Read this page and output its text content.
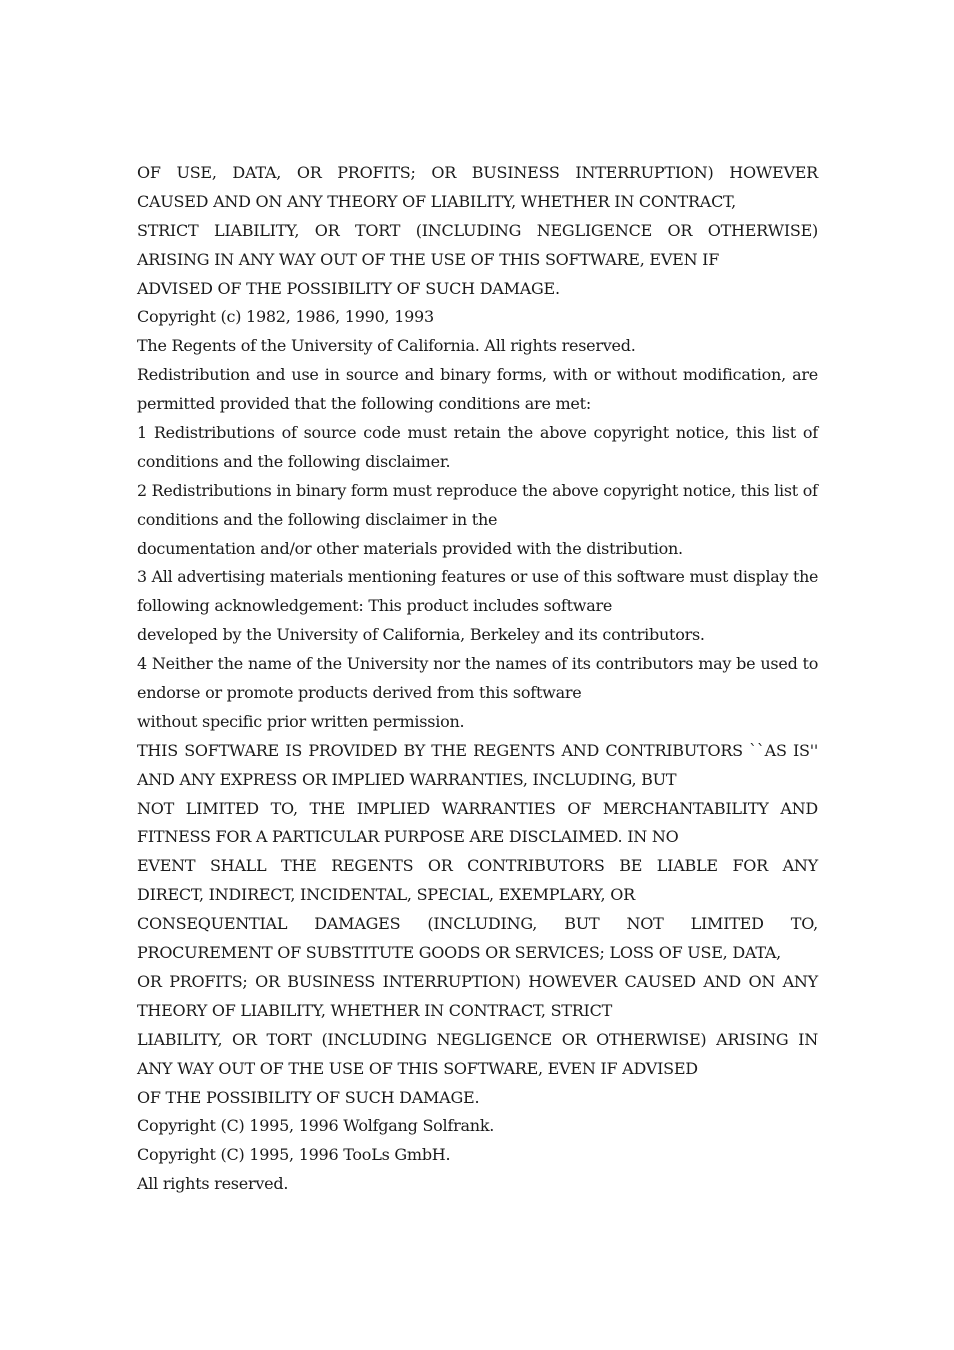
OF USE, DATA, OR PROFITS; OR BUSINESS INTERRUPTION) HOWEVER
CAUSED AND ON ANY THEORY OF LIABILITY, WHETHER IN CONTRACT,
STRICT LIABILITY, OR TORT (INCLUDING NEGLIGENCE OR OTHERWISE)
ARISING IN ANY WAY OUT OF THE USE OF THIS SOFTWARE, EVEN IF
ADVISED OF THE POSSIBILITY OF SUCH DAMAGE.
Copyright (c) 1982, 1986, 1990, 1993
The Regents of the University of California. All rights reserved.
Redistribution and use in source and binary forms, with or without modification, are
permitted provided that the following conditions are met:
1 Redistributions of source code must retain the above copyright notice, this list of
conditions and the following disclaimer.
2 Redistributions in binary form must reproduce the above copyright notice, this list of
conditions and the following disclaimer in the
documentation and/or other materials provided with the distribution.
3 All advertising materials mentioning features or use of this software must display the
following acknowledgement: This product includes software
developed by the University of California, Berkeley and its contributors.
4 Neither the name of the University nor the names of its contributors may be used to
endorse or promote products derived from this software
without specific prior written permission.
THIS SOFTWARE IS PROVIDED BY THE REGENTS AND CONTRIBUTORS ``AS IS''
AND ANY EXPRESS OR IMPLIED WARRANTIES, INCLUDING, BUT
NOT LIMITED TO, THE IMPLIED WARRANTIES OF MERCHANTABILITY AND
FITNESS FOR A PARTICULAR PURPOSE ARE DISCLAIMED. IN NO
EVENT SHALL THE REGENTS OR CONTRIBUTORS BE LIABLE FOR ANY
DIRECT, INDIRECT, INCIDENTAL, SPECIAL, EXEMPLARY, OR
CONSEQUENTIAL DAMAGES (INCLUDING, BUT NOT LIMITED TO,
PROCUREMENT OF SUBSTITUTE GOODS OR SERVICES; LOSS OF USE, DATA,
OR PROFITS; OR BUSINESS INTERRUPTION) HOWEVER CAUSED AND ON ANY
THEORY OF LIABILITY, WHETHER IN CONTRACT, STRICT
LIABILITY, OR TORT (INCLUDING NEGLIGENCE OR OTHERWISE) ARISING IN
ANY WAY OUT OF THE USE OF THIS SOFTWARE, EVEN IF ADVISED
OF THE POSSIBILITY OF SUCH DAMAGE.
Copyright (C) 1995, 1996 Wolfgang Solfrank.
Copyright (C) 1995, 1996 TooLs GmbH.
All rights reserved.
